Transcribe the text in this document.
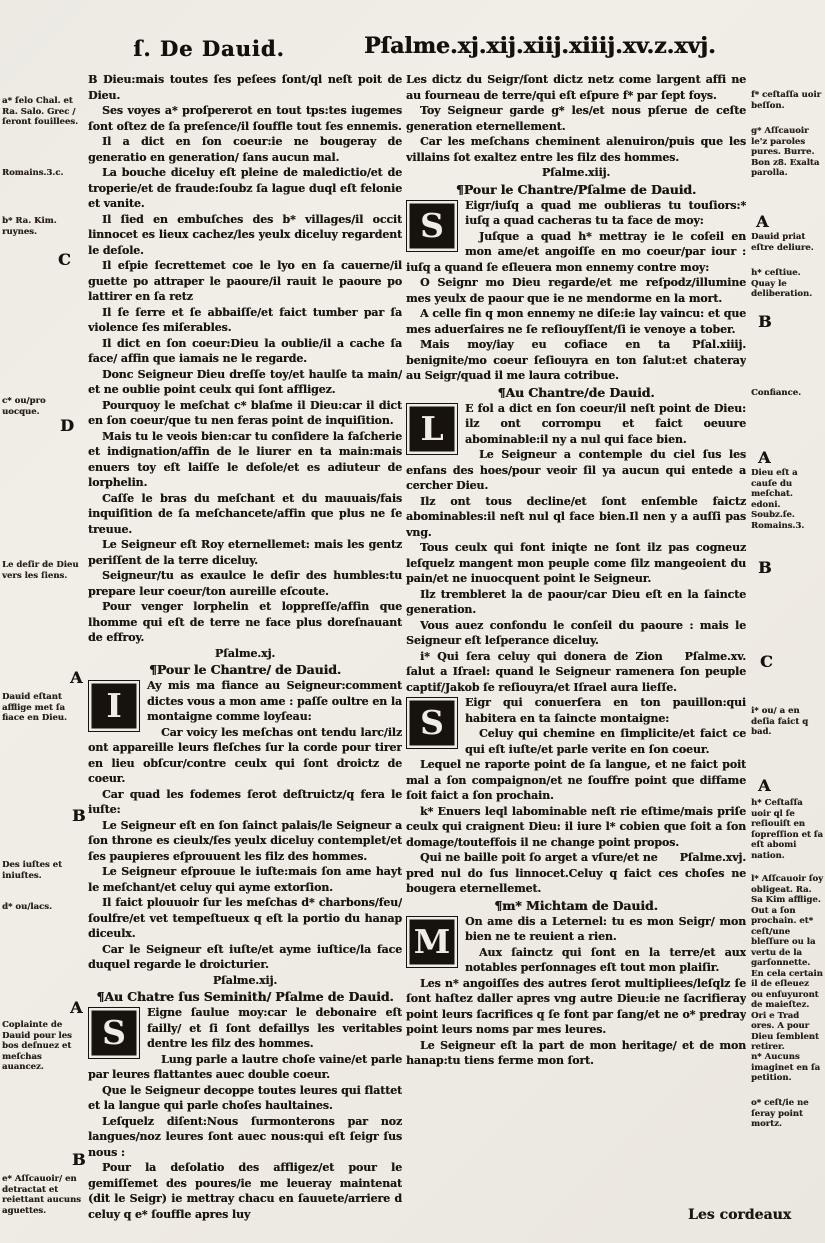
ſ. De Dauid.	Pſalme.xj.xij.xiij.xiiij.xv.z.xvj.

B Dieu:mais toutes ſes peſees ſont/ql neſt poit de Dieu.

Ses voyes a* proſpererot en tout tps:tes iugemes ſont oſtez de ſa preſence/il ſouffle tout ſes ennemis.

Il a dict en ſon coeur:ie ne bougeray de generatio en generation/ ſans aucun mal.

La bouche diceluy eſt pleine de maledictio/et de troperie/et de fraude:ſoubz ſa lague duql eſt felonie et vanite.

Il ſied en embuſches des b* villages/il occit linnocet es lieux cachez/les yeulx diceluy regardent le deſole.

Il eſpie ſecrettemet coe le lyo en ſa cauerne/il guette po attraper le paoure/il rauit le paoure po lattirer en ſa retz

Il ſe ſerre et ſe abbaiſſe/et faict tumber par ſa violence ſes miſerables.

Il dict en ſon coeur:Dieu la oublie/il a cache ſa face/ affin que iamais ne le regarde.

Donc Seigneur Dieu dreſſe toy/et haulſe ta main/ et ne oublie point ceulx qui ſont affligez.

Pourquoy le meſchat c* blaſme il Dieu:car il dict en ſon coeur/que tu nen feras point de inquiſition.

Mais tu le veois bien:car tu conſidere la faſcherie et indignation/affin de le liurer en ta main:mais enuers toy eſt laiſſe le deſole/et es adiuteur de lorphelin.

Caſſe le bras du meſchant et du mauuais/fais inquiſition de ſa meſchancete/affin que plus ne ſe treuue.

Le Seigneur eſt Roy eternellemet: mais les gentz periſſent de la terre diceluy.

Seigneur/tu as exaulce le deſir des humbles:tu prepare leur coeur/ton aureille eſcoute.

Pour venger lorphelin et loppreſſe/affin que lhomme qui eſt de terre ne face plus doreſnauant de effroy.

Pſalme.xj.
¶Pour le Chantre/ de Dauid.

I
Ay mis ma fiance au Seigneur:comment dictes vous a mon ame : paſſe oultre en la montaigne comme loyſeau:

Car voicy les meſchas ont tendu larc/ilz ont appareille leurs fleſches ſur la corde pour tirer en lieu obſcur/contre ceulx qui ſont droictz de coeur.

Car quad les fodemes ſerot deſtruictz/q fera le iuſte:

Le Seigneur eſt en ſon ſainct palais/le Seigneur a ſon throne es cieulx/ſes yeulx diceluy contemplet/et ſes paupieres eſprouuent les filz des hommes.

Le Seigneur eſprouue le iuſte:mais ſon ame hayt le meſchant/et celuy qui ayme extorſion.

Il faict plouuoir ſur les meſchas d* charbons/feu/ ſoulfre/et vet tempeſtueux q eſt la portio du hanap diceulx.

Car le Seigneur eſt iuſte/et ayme iuſtice/la face duquel regarde le droicturier.

Pſalme.xij.
¶Au Chatre ſus Seminith/ Pſalme de Dauid.

S
Eigne ſaulue moy:car le debonaire eſt failly/ et ſi ſont defaillys les veritables dentre les filz des hommes.

Lung parle a lautre choſe vaine/et parle par leures flattantes auec double coeur.

Que le Seigneur decoppe toutes leures qui flattet et la langue qui parle choſes haultaines.

Leſquelz diſent:Nous ſurmonterons par noz langues/noz leures ſont auec nous:qui eſt ſeigr ſus nous :

Pour la deſolatio des affligez/et pour le gemiſſemet des poures/ie me leueray maintenat (dit le Seigr) ie mettray chacu en ſauuete/arriere d celuy q e* ſouffle apres luy

Les dictz du Seigr/ſont dictz netz come largent affi ne au fourneau de terre/qui eſt eſpure f* par ſept foys.

Toy Seigneur garde g* les/et nous pſerue de ceſte generation eternellement.

Car les meſchans cheminent alenuiron/puis que les villains ſot exaltez entre les filz des hommes.

Pſalme.xiij.
¶Pour le Chantre/Pſalme de Dauid.

S
Eigr/iuſq a quad me oublieras tu touſiors:* iuſq a quad cacheras tu ta face de moy:

Juſque a quad h* mettray ie le coſeil en mon ame/et angoiſſe en mo coeur/par iour : iuſq a quand ſe eſleuera mon ennemy contre moy:

O Seignr mo Dieu regarde/et me reſpodz/illumine mes yeulx de paour que ie ne mendorme en la mort.

A celle fin q mon ennemy ne diſe:ie lay vaincu: et que mes aduerſaires ne ſe reſiouyſſent/ſi ie venoye a tober.

Pſal.xiiij.
Mais moy/iay eu cofiace en ta benignite/mo coeur ſeſiouyra en ton ſalut:et chateray au Seigr/quad il me laura cotribue.

¶Au Chantre/de Dauid.

L
E fol a dict en ſon coeur/il neſt point de Dieu: ilz ont corrompu et faict oeuure abominable:il ny a nul qui face bien.

Le Seigneur a contemple du ciel ſus les enfans des hoes/pour veoir ſil ya aucun qui entede a cercher Dieu.

Ilz ont tous decline/et ſont enſemble faictz abominables:il neſt nul ql face bien.Il nen y a auſſi pas vng.

Tous ceulx qui font iniqte ne ſont ilz pas cogneuz leſquelz mangent mon peuple come ſilz mangeoient du pain/et ne inuocquent point le Seigneur.

Ilz trembleret la de paour/car Dieu eſt en la ſaincte generation.

Vous auez confondu le conſeil du paoure : mais le Seigneur eſt leſperance diceluy.

Pſalme.xv.
i* Qui ſera celuy qui donera de Zion ſalut a Iſrael: quand le Seigneur ramenera ſon peuple captif/Jakob ſe reſiouyra/et Iſrael aura lieſſe.

S
Eigr qui conuerſera en ton pauillon:qui habitera en ta ſaincte montaigne:

Celuy qui chemine en ſimplicite/et faict ce qui eſt iuſte/et parle verite en ſon coeur.

Lequel ne raporte point de ſa langue, et ne faict poit mal a ſon compaignon/et ne ſouffre point que diffame ſoit faict a ſon prochain.

k* Enuers leql labominable neſt rie eſtime/mais priſe ceulx qui craignent Dieu: il iure l* cobien que ſoit a ſon domage/touteffois il ne change point propos.

Pſalme.xvj.
Qui ne baille poit ſo arget a vſure/et ne pred nul do ſus linnocet.Celuy q faict ces choſes ne bougera eternellemet.

¶m* Michtam de Dauid.

M
On ame dis a Leternel: tu es mon Seigr/ mon bien ne te reuient a rien.

Aux ſainctz qui ſont en la terre/et aux notables perſonnages eſt tout mon plaiſir.

Les n* angoiſſes des autres ſerot multipliees/leſqlz ſe ſont haſtez daller apres vng autre Dieu:ie ne ſacrifieray point leurs ſacrifices q ſe font par ſang/et ne o* predray point leurs noms par mes leures.

Le Seigneur eſt la part de mon heritage/ et de mon hanap:tu tiens ferme mon ſort.

a* ſelo Chal. et Ra. Salo. Grec / ſeront fouillees.
Romains.3.c.
b* Ra. Kim. ruynes.
C
c* ou/pro uocque.
D
Le deſir de Dieu vers les ſiens.
A
Dauid eſtant afflige met ſa fiace en Dieu.
B
Des iuſtes et iniuſtes.
d* ou/lacs.
A
Coplainte de Dauid pour les bos deſnuez et meſchas auancez.
B
e* Aſſcauoir/ en detractat et reiettant aucuns aguettes.
f* ceſtaſſa uoir beſſon.
g* Aſſcauoir le'z paroles pures. Burre. Bon z8. Exalta parolla.
A
Dauid priat eſtre deliure.
h* ceſtiue. Quay le deliberation.
B
Confiance.
A
Dieu eſt a cauſe du meſchat. edoni. Soubz.ſe. Romains.3.
B
C
i* ou/ a en deſia faict q bad.
A
h* Ceſtaſſa uoir ql ſe reſiouiſt en ſopreſſion et ſa eſt abomi nation.
l* Aſſcauoir ſoy obligeat. Ra. Sa Kim afflige. Out a ſon prochain. et* ceſt/une bleſſure ou la vertu de la garſonnette. En cela certain il de eſleuez ou enſuyuront de maieſtez. Ori e Trad ores. A pour Dieu ſemblent retirer.
n* Aucuns imaginet en ſa petition.
o* ceſt/ie ne ſeray point mortz.
Les cordeaux
